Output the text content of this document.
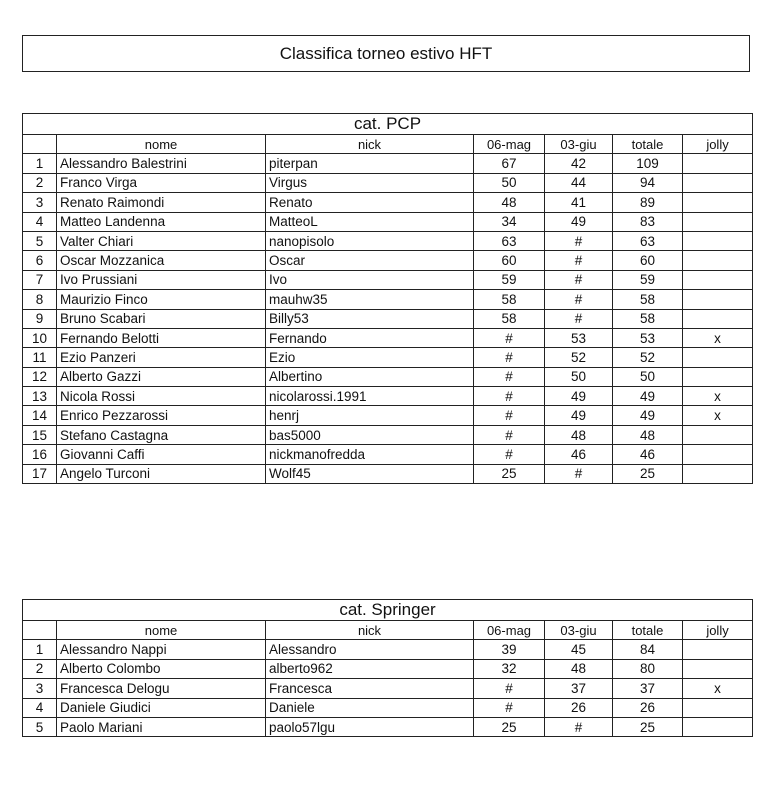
Classifica torneo estivo HFT
cat. PCP						
	nome	nick	06-mag	03-giu	totale	jolly
1	Alessandro Balestrini	piterpan	67	42	109	
2	Franco Virga	Virgus	50	44	94	
3	Renato Raimondi	Renato	48	41	89	
4	Matteo Landenna	MatteoL	34	49	83	
5	Valter Chiari	nanopisolo	63	#	63	
6	Oscar Mozzanica	Oscar	60	#	60	
7	Ivo Prussiani	Ivo	59	#	59	
8	Maurizio Finco	mauhw35	58	#	58	
9	Bruno Scabari	Billy53	58	#	58	
10	Fernando Belotti	Fernando	#	53	53	x
11	Ezio Panzeri	Ezio	#	52	52	
12	Alberto Gazzi	Albertino	#	50	50	
13	Nicola Rossi	nicolarossi.1991	#	49	49	x
14	Enrico Pezzarossi	henrj	#	49	49	x
15	Stefano Castagna	bas5000	#	48	48	
16	Giovanni Caffi	nickmanofredda	#	46	46	
17	Angelo Turconi	Wolf45	25	#	25	
cat. Springer						
	nome	nick	06-mag	03-giu	totale	jolly
1	Alessandro Nappi	Alessandro	39	45	84	
2	Alberto Colombo	alberto962	32	48	80	
3	Francesca Delogu	Francesca	#	37	37	x
4	Daniele Giudici	Daniele	#	26	26	
5	Paolo Mariani	paolo57lgu	25	#	25	
